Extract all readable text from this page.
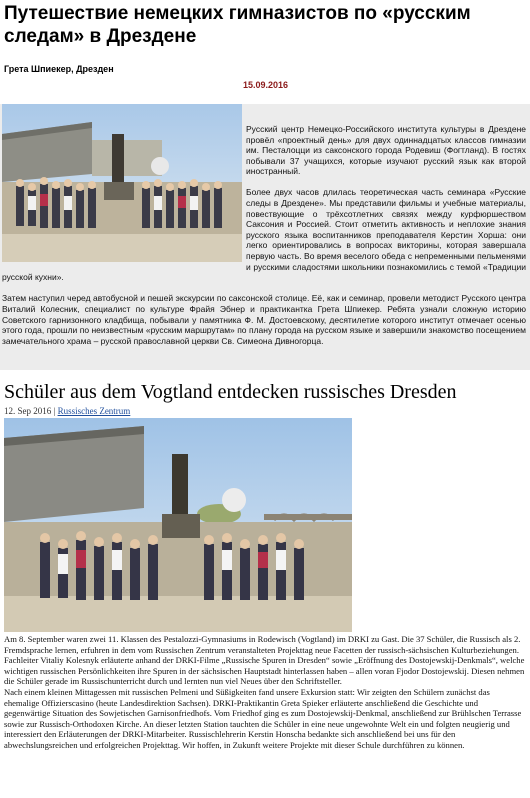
Путешествие немецких гимназистов по «русским следам» в Дрездене
Грета Шпиекер, Дрезден
15.09.2016

Русский центр Немецко-Российского института культуры в Дрездене провёл «проектный день» для двух одиннадцатых классов гимназии им. Песталоцци из саксонского города Родевиш (Фогтланд). В гостях побывали 37 учащихся, которые изучают русский язык как второй иностранный.

Более двух часов длилась теоретическая часть семинара «Русские следы в Дрездене». Мы представили фильмы и учебные материалы, повествующие о трёхсотлетних связях между курфюршеством Саксония и Россией. Стоит отметить активность и неплохие знания русского языка воспитанников преподавателя Керстин Хорша: они легко ориентировались в вопросах викторины, которая завершала первую часть. Во время веселого обеда с непременными пельменями и русскими сладостями школьники познакомились с темой «Традиции русской кухни».

Затем наступил черед автобусной и пешей экскурсии по саксонской столице. Её, как и семинар, провели методист Русского центра Виталий Колесник, специалист по культуре Фрайя Эбнер и практикантка Грета Шпиекер. Ребята узнали сложную историю Советского гарнизонного кладбища, побывали у памятника Ф. М. Достоевскому, десятилетие которого институт отмечает осенью этого года, прошли по неизвестным «русским маршрутам» по плану города на русском языке и завершили знакомство посещением замечательного храма – русской православной церкви Св. Симеона Дивногорца.

Schüler aus dem Vogtland entdecken russisches Dresden
12. Sep 2016 | Russisches Zentrum

Am 8. September waren zwei 11. Klassen des Pestalozzi-Gymnasiums in Rodewisch (Vogtland) im DRKI zu Gast. Die 37 Schüler, die Russisch als 2. Fremdsprache lernen, erfuhren in dem vom Russischen Zentrum veranstalteten Projekttag neue Facetten der russisch-sächsischen Kulturbeziehungen. Fachleiter Vitaliy Kolesnyk erläuterte anhand der DRKI-Filme „Russische Spuren in Dresden“ sowie „Eröffnung des Dostojewskij-Denkmals“, welche wichtigen russischen Persönlichkeiten ihre Spuren in der sächsischen Hauptstadt hinterlassen haben – allen voran Fjodor Dostojewskij. Diesen nehmen die Schüler gerade im Russischunterricht durch und lernten nun viel Neues über den Schriftsteller.

Nach einem kleinen Mittagessen mit russischen Pelmeni und Süßigkeiten fand unsere Exkursion statt: Wir zeigten den Schülern zunächst das ehemalige Offizierscasino (heute Landesdirektion Sachsen). DRKI-Praktikantin Greta Spieker erläuterte anschließend die Geschichte und gegenwärtige Situation des Sowjetischen Garnisonfriedhofs. Vom Friedhof ging es zum Dostojewskij-Denkmal, anschließend zur Brühlschen Terrasse sowie zur Russisch-Orthodoxen Kirche. An dieser letzten Station tauchten die Schüler in eine neue ungewohnte Welt ein und folgten neugierig und interessiert den Erläuterungen der DRKI-Mitarbeiter. Russischlehrerin Kerstin Honscha bedankte sich anschließend bei uns für den abwechslungsreichen und erfolgreichen Projekttag. Wir hoffen, in Zukunft weitere Projekte mit dieser Schule durchführen zu können.
